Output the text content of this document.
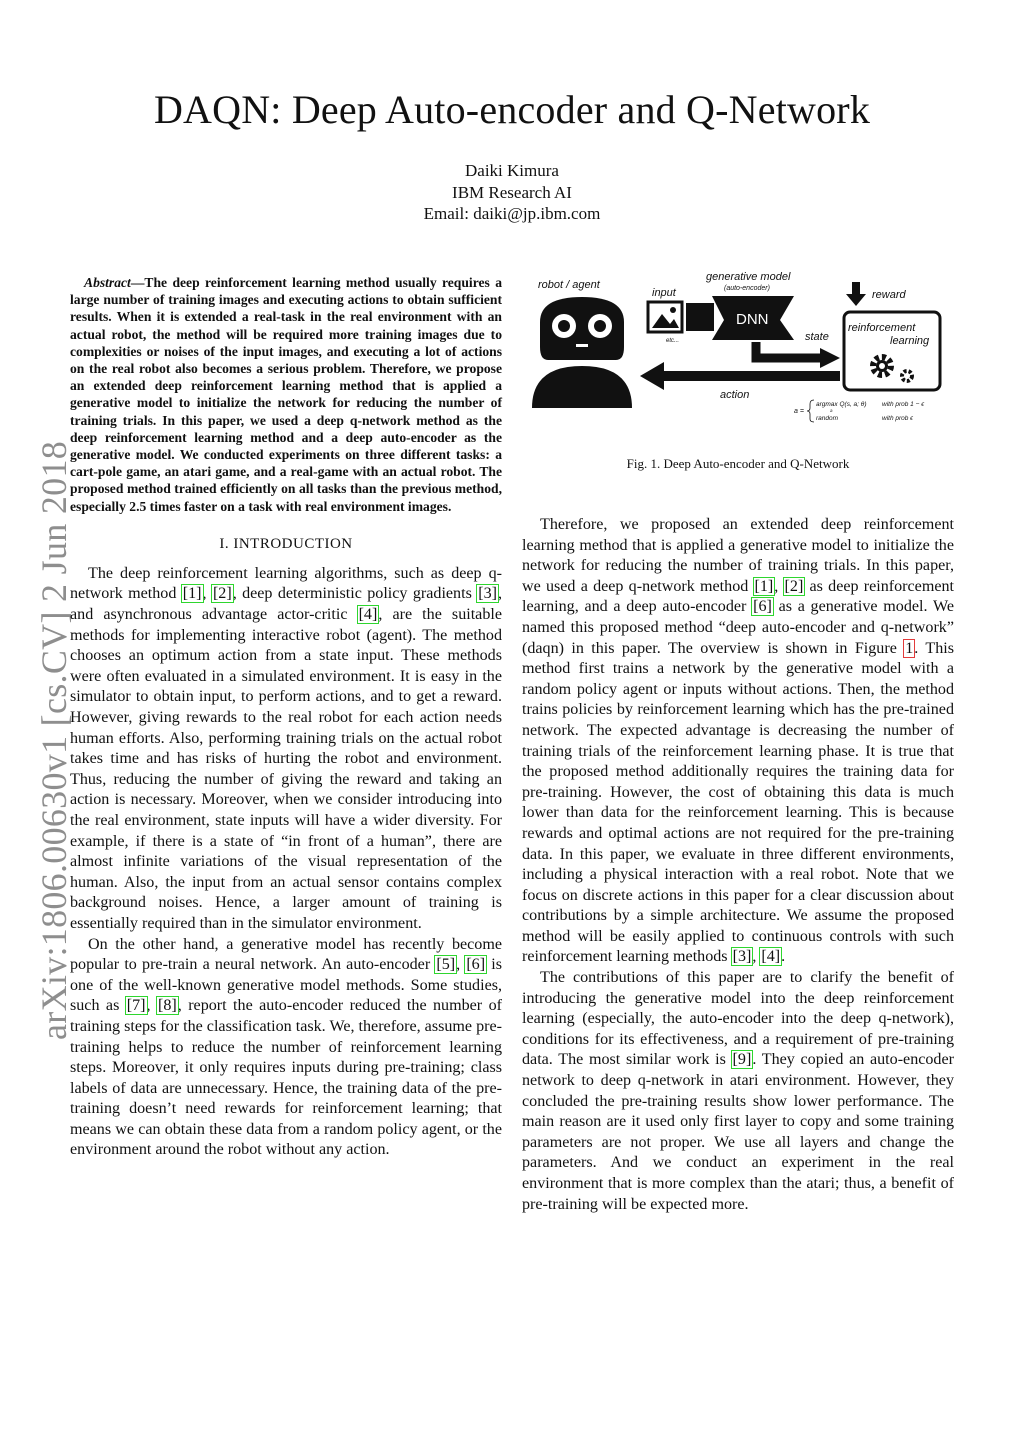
DAQN: Deep Auto-encoder and Q-Network
Daiki Kimura
IBM Research AI
Email: daiki@jp.ibm.com
arXiv:1806.00630v1 [cs.CV] 2 Jun 2018

Abstract—The deep reinforcement learning method usually requires a large number of training images and executing actions to obtain sufficient results. When it is extended a real-task in the real environment with an actual robot, the method will be required more training images due to complexities or noises of the input images, and executing a lot of actions on the real robot also becomes a serious problem. Therefore, we propose an extended deep reinforcement learning method that is applied a generative model to initialize the network for reducing the number of training trials. In this paper, we used a deep q-network method as the deep reinforcement learning method and a deep auto-encoder as the generative model. We conducted experiments on three different tasks: a cart-pole game, an atari game, and a real-game with an actual robot. The proposed method trained efficiently on all tasks than the previous method, especially 2.5 times faster on a task with real environment images.

I. INTRODUCTION

The deep reinforcement learning algorithms, such as deep q-network method [1], [2], deep deterministic policy gradients [3], and asynchronous advantage actor-critic [4], are the suitable methods for implementing interactive robot (agent). The method chooses an optimum action from a state input. These methods were often evaluated in a simulated environment. It is easy in the simulator to obtain input, to perform actions, and to get a reward. However, giving rewards to the real robot for each action needs human efforts. Also, performing training trials on the actual robot takes time and has risks of hurting the robot and environment. Thus, reducing the number of giving the reward and taking an action is necessary. Moreover, when we consider introducing into the real environment, state inputs will have a wider diversity. For example, if there is a state of “in front of a human”, there are almost infinite variations of the visual representation of the human. Also, the input from an actual sensor contains complex background noises. Hence, a larger amount of training is essentially required than in the simulator environment.

On the other hand, a generative model has recently become popular to pre-train a neural network. An auto-encoder [5], [6] is one of the well-known generative model methods. Some studies, such as [7], [8], report the auto-encoder reduced the number of training steps for the classification task. We, therefore, assume pre-training helps to reduce the number of reinforcement learning steps. Moreover, it only requires inputs during pre-training; class labels of data are unnecessary. Hence, the training data of the pre-training doesn’t need rewards for reinforcement learning; that means we can obtain these data from a random policy agent, or the environment around the robot without any action.

robot / agent
input
etc...
generative model
(auto-encoder)
DNN
state
reward
reinforcement
learning
action
a =
argmax Q(s, a; θ)
a
with prob 1 − ϵ
random	with prob ϵ
Fig. 1. Deep Auto-encoder and Q-Network

Therefore, we proposed an extended deep reinforcement learning method that is applied a generative model to initialize the network for reducing the number of training trials. In this paper, we used a deep q-network method [1], [2] as deep reinforcement learning, and a deep auto-encoder [6] as a generative model. We named this proposed method “deep auto-encoder and q-network” (daqn) in this paper. The overview is shown in Figure 1. This method first trains a network by the generative model with a random policy agent or inputs without actions. Then, the method trains policies by reinforcement learning which has the pre-trained network. The expected advantage is decreasing the number of training trials of the reinforcement learning phase. It is true that the proposed method additionally requires the training data for pre-training. However, the cost of obtaining this data is much lower than data for the reinforcement learning. This is because rewards and optimal actions are not required for the pre-training data. In this paper, we evaluate in three different environments, including a physical interaction with a real robot. Note that we focus on discrete actions in this paper for a clear discussion about contributions by a simple architecture. We assume the proposed method will be easily applied to continuous controls with such reinforcement learning methods [3], [4].

The contributions of this paper are to clarify the benefit of introducing the generative model into the deep reinforcement learning (especially, the auto-encoder into the deep q-network), conditions for its effectiveness, and a requirement of pre-training data. The most similar work is [9]. They copied an auto-encoder network to deep q-network in atari environment. However, they concluded the pre-training results show lower performance. The main reason are it used only first layer to copy and some training parameters are not proper. We use all layers and change the parameters. And we conduct an experiment in the real environment that is more complex than the atari; thus, a benefit of pre-training will be expected more.
